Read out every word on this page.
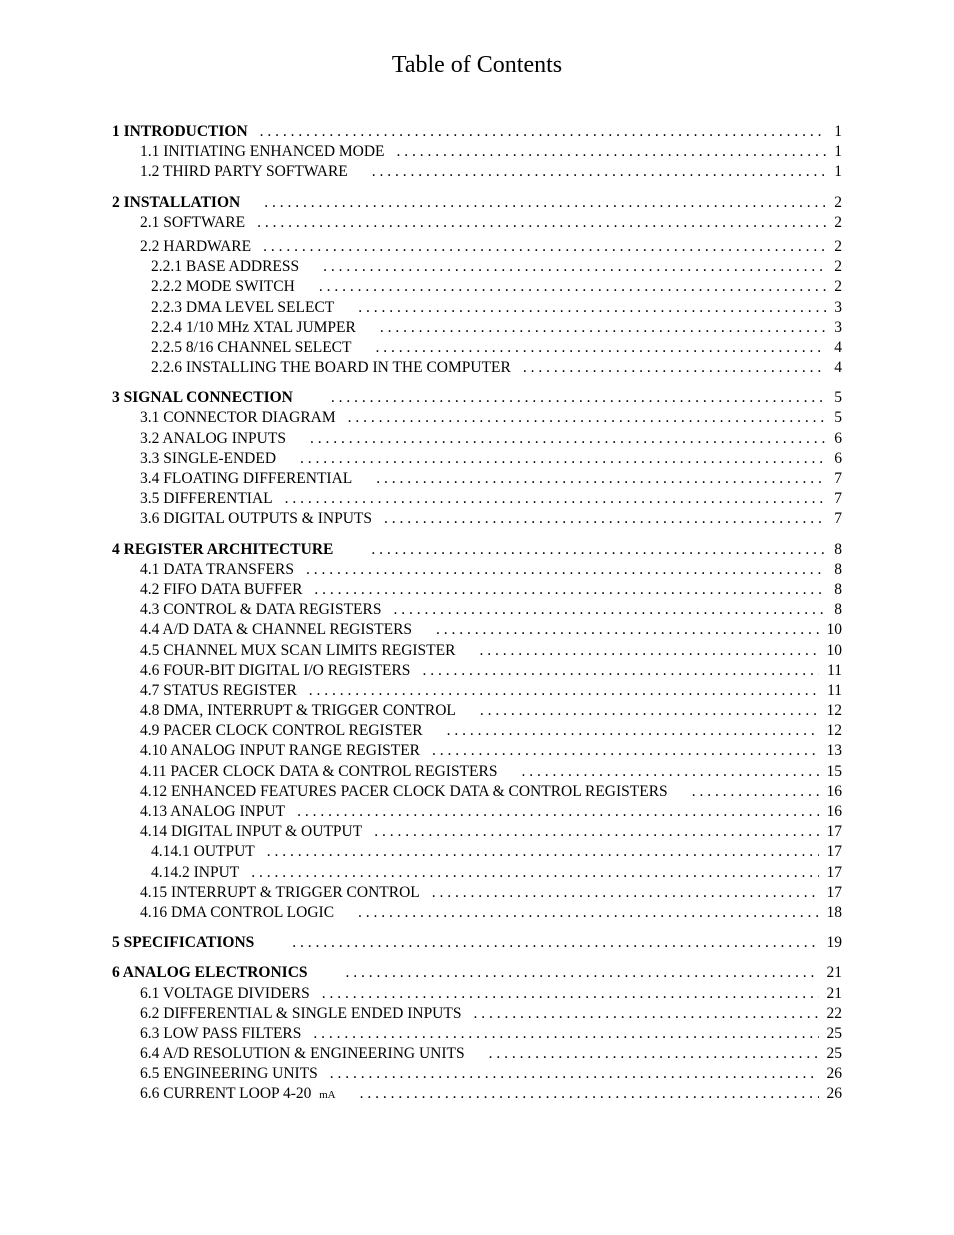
Table of Contents
1 INTRODUCTION . . .	1
1.1 INITIATING ENHANCED MODE . . .	1
1.2 THIRD PARTY SOFTWARE . . .	1
2 INSTALLATION . . .	2
2.1 SOFTWARE . . .	2
2.2 HARDWARE . . .	2
2.2.1 BASE ADDRESS . . .	2
2.2.2 MODE SWITCH . . .	2
2.2.3 DMA LEVEL SELECT . . .	3
2.2.4 1/10 MHz XTAL JUMPER . . .	3
2.2.5 8/16 CHANNEL SELECT . . .	4
2.2.6 INSTALLING THE BOARD IN THE COMPUTER . . .	4
3 SIGNAL CONNECTION . . .	5
3.1 CONNECTOR DIAGRAM . . .	5
3.2 ANALOG INPUTS . . .	6
3.3 SINGLE-ENDED . . .	6
3.4 FLOATING DIFFERENTIAL . . .	7
3.5 DIFFERENTIAL . . .	7
3.6 DIGITAL OUTPUTS & INPUTS . . .	7
4 REGISTER ARCHITECTURE . . .	8
4.1 DATA TRANSFERS . . .	8
4.2 FIFO DATA BUFFER . . .	8
4.3 CONTROL & DATA REGISTERS . . .	8
4.4 A/D DATA & CHANNEL REGISTERS . . .	10
4.5 CHANNEL MUX SCAN LIMITS REGISTER . . .	10
4.6 FOUR-BIT DIGITAL I/O REGISTERS . . .	11
4.7 STATUS REGISTER . . .	11
4.8 DMA, INTERRUPT & TRIGGER CONTROL . . .	12
4.9 PACER CLOCK CONTROL REGISTER . . .	12
4.10 ANALOG INPUT RANGE REGISTER . . .	13
4.11 PACER CLOCK DATA & CONTROL REGISTERS . . .	15
4.12 ENHANCED FEATURES PACER CLOCK DATA & CONTROL REGISTERS . . .	16
4.13 ANALOG INPUT . . .	16
4.14 DIGITAL INPUT & OUTPUT . . .	17
4.14.1 OUTPUT . . .	17
4.14.2 INPUT . . .	17
4.15 INTERRUPT & TRIGGER CONTROL . . .	17
4.16 DMA CONTROL LOGIC . . .	18
5 SPECIFICATIONS . . .	19
6 ANALOG ELECTRONICS . . .	21
6.1 VOLTAGE DIVIDERS . . .	21
6.2 DIFFERENTIAL & SINGLE ENDED INPUTS . . .	22
6.3 LOW PASS FILTERS . . .	25
6.4 A/D RESOLUTION & ENGINEERING UNITS . . .	25
6.5 ENGINEERING UNITS . . .	26
6.6 CURRENT LOOP 4-20 mA . . .	26
